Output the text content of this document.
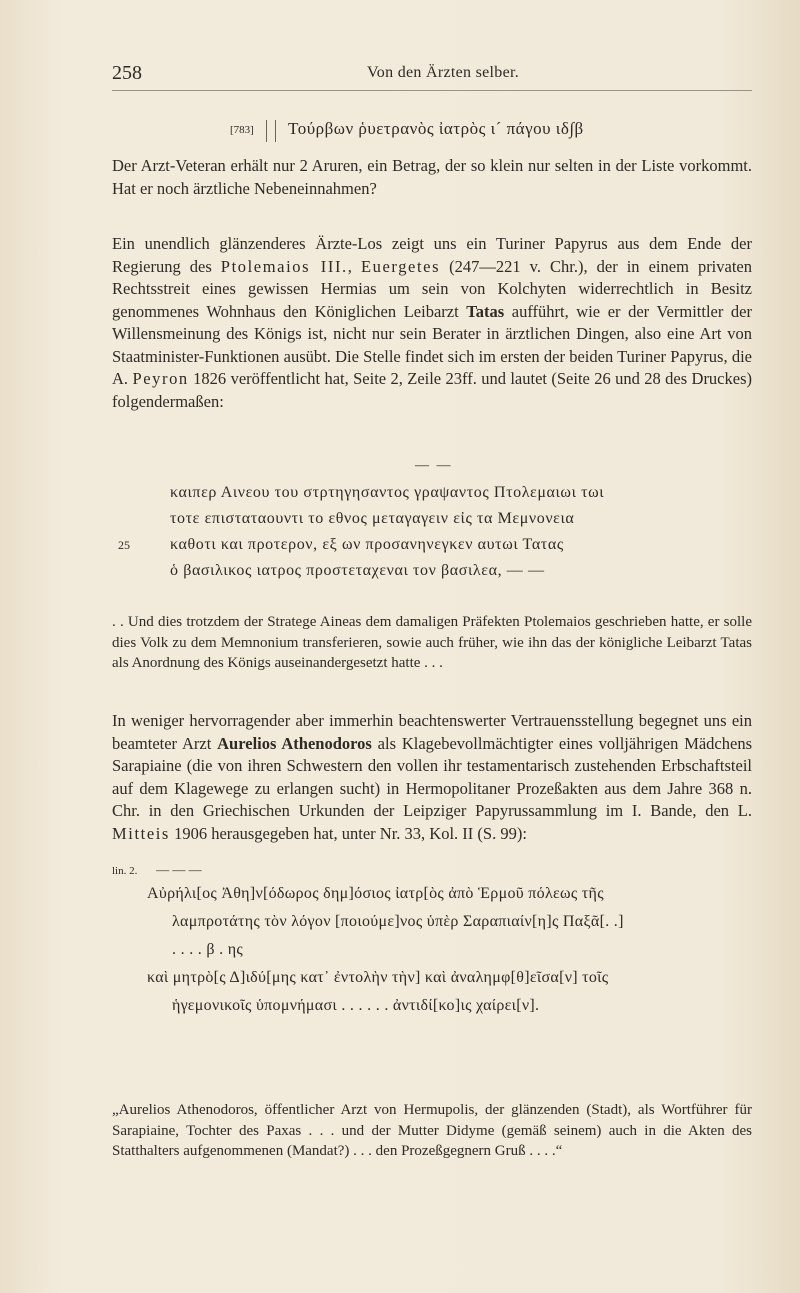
258	Von den Ärzten selber.
[783] Τούρβων ῥυετρανὸς ἰατρὸς ι´ πάγου ιδ∫β
Der Arzt-Veteran erhält nur 2 Aruren, ein Betrag, der so klein nur selten in der Liste vorkommt. Hat er noch ärztliche Nebeneinnahmen?
Ein unendlich glänzenderes Ärzte-Los zeigt uns ein Turiner Papyrus aus dem Ende der Regierung des Ptolemaios III., Euergetes (247—221 v. Chr.), der in einem privaten Rechtsstreit eines gewissen Hermias um sein von Kolchyten widerrechtlich in Besitz genommenes Wohnhaus den Königlichen Leibarzt Tatas aufführt, wie er der Vermittler der Willensmeinung des Königs ist, nicht nur sein Berater in ärztlichen Dingen, also eine Art von Staatminister-Funktionen ausübt. Die Stelle findet sich im ersten der beiden Turiner Papyrus, die A. Peyron 1826 veröffentlicht hat, Seite 2, Zeile 23ff. und lautet (Seite 26 und 28 des Druckes) folgendermaßen:
— —
25
καιπερ Αινεου του στρτηγησαντος γραψαντος Πτολεμαιωι τωι
τοτε επισταταουντι το εθνος μεταγαγειν εἰς τα Μεμνονεια
καθοτι και προτερον, εξ ων προσανηνεγκεν αυτωι Τατας
ὁ βασιλικος ιατρος προστεταχεναι τον βασιλεα, — —
. . Und dies trotzdem der Stratege Aineas dem damaligen Präfekten Ptolemaios geschrieben hatte, er solle dies Volk zu dem Memnonium transferieren, sowie auch früher, wie ihn das der königliche Leibarzt Tatas als Anordnung des Königs auseinandergesetzt hatte . . .
In weniger hervorragender aber immerhin beachtenswerter Vertrauensstellung begegnet uns ein beamteter Arzt Aurelios Athenodoros als Klagebevollmächtigter eines volljährigen Mädchens Sarapiaine (die von ihren Schwestern den vollen ihr testamentarisch zustehenden Erbschaftsteil auf dem Klagewege zu erlangen sucht) in Hermopolitaner Prozeßakten aus dem Jahre 368 n. Chr. in den Griechischen Urkunden der Leipziger Papyrussammlung im I. Bande, den L. Mitteis 1906 herausgegeben hat, unter Nr. 33, Kol. II (S. 99):
lin. 2. — — —
Αὐρήλι[ος Ἀθη]ν[όδωρος δημ]όσιος ἰατρ[ὸς ἀπὸ Ἑρμοῦ πόλεως τῆς
λαμπροτάτης τὸν λόγον [ποιούμε]νος ὑπὲρ Σαραπιαίν[η]ς Παξᾶ[. .]
. . . . β . ης
καὶ μητρὸ[ς Δ]ιδύ[μης κατ᾽ ἐντολὴν τὴν] καὶ ἀναλημφ[θ]εῖσα[ν] τοῖς
ἡγεμονικοῖς ὑπομνήμασι . . . . . . ἀντιδί[κο]ις χαίρει[ν].
„Aurelios Athenodoros, öffentlicher Arzt von Hermupolis, der glänzenden (Stadt), als Wortführer für Sarapiaine, Tochter des Paxas . . . und der Mutter Didyme (gemäß seinem) auch in die Akten des Statthalters aufgenommenen (Mandat?) . . . den Prozeßgegnern Gruß . . . .“
